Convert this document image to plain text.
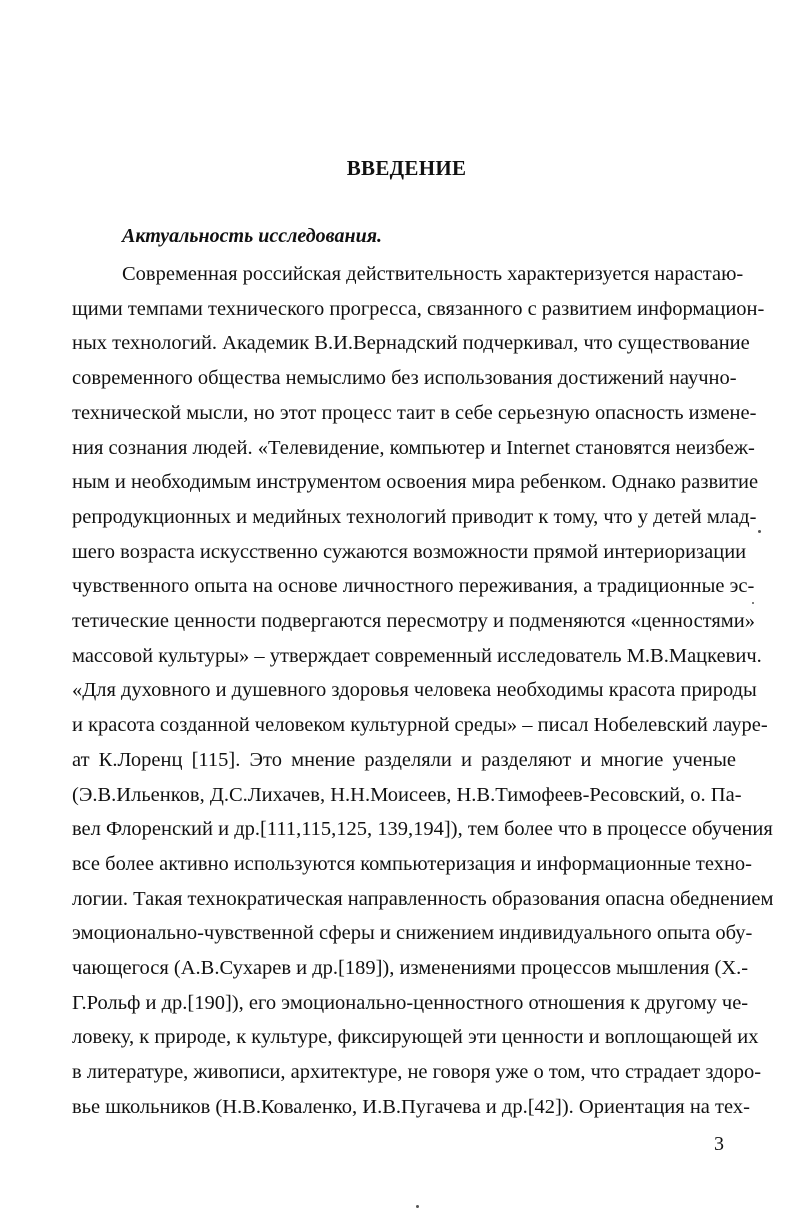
ВВЕДЕНИЕ
Актуальность исследования.
Современная российская действительность характеризуется нарастаю-
щими темпами технического прогресса, связанного с развитием информацион-
ных технологий. Академик В.И.Вернадский подчеркивал, что существование
современного общества немыслимо без использования достижений научно-
технической мысли, но этот процесс таит в себе серьезную опасность измене-
ния сознания людей. «Телевидение, компьютер и Internet становятся неизбеж-
ным и необходимым инструментом освоения мира ребенком. Однако развитие
репродукционных и медийных технологий приводит к тому, что у детей млад-
шего возраста искусственно сужаются возможности прямой интериоризации
чувственного опыта на основе личностного переживания, а традиционные эс-
тетические ценности подвергаются пересмотру и подменяются «ценностями»
массовой культуры» – утверждает современный исследователь М.В.Мацкевич.
«Для духовного и душевного здоровья человека необходимы красота природы
и красота созданной человеком культурной среды» – писал Нобелевский лауре-
ат К.Лоренц [115]. Это мнение разделяли и разделяют и многие ученые
(Э.В.Ильенков, Д.С.Лихачев, Н.Н.Моисеев, Н.В.Тимофеев-Ресовский, о. Па-
вел Флоренский и др.[111,115,125, 139,194]), тем более что в процессе обучения
все более активно используются компьютеризация и информационные техно-
логии. Такая технократическая направленность образования опасна обеднением
эмоционально-чувственной сферы и снижением индивидуального опыта обу-
чающегося (А.В.Сухарев и др.[189]), изменениями процессов мышления (Х.-
Г.Рольф и др.[190]), его эмоционально-ценностного отношения к другому че-
ловеку, к природе, к культуре, фиксирующей эти ценности и воплощающей их
в литературе, живописи, архитектуре, не говоря уже о том, что страдает здоро-
вье школьников (Н.В.Коваленко, И.В.Пугачева и др.[42]). Ориентация на тех-
3
